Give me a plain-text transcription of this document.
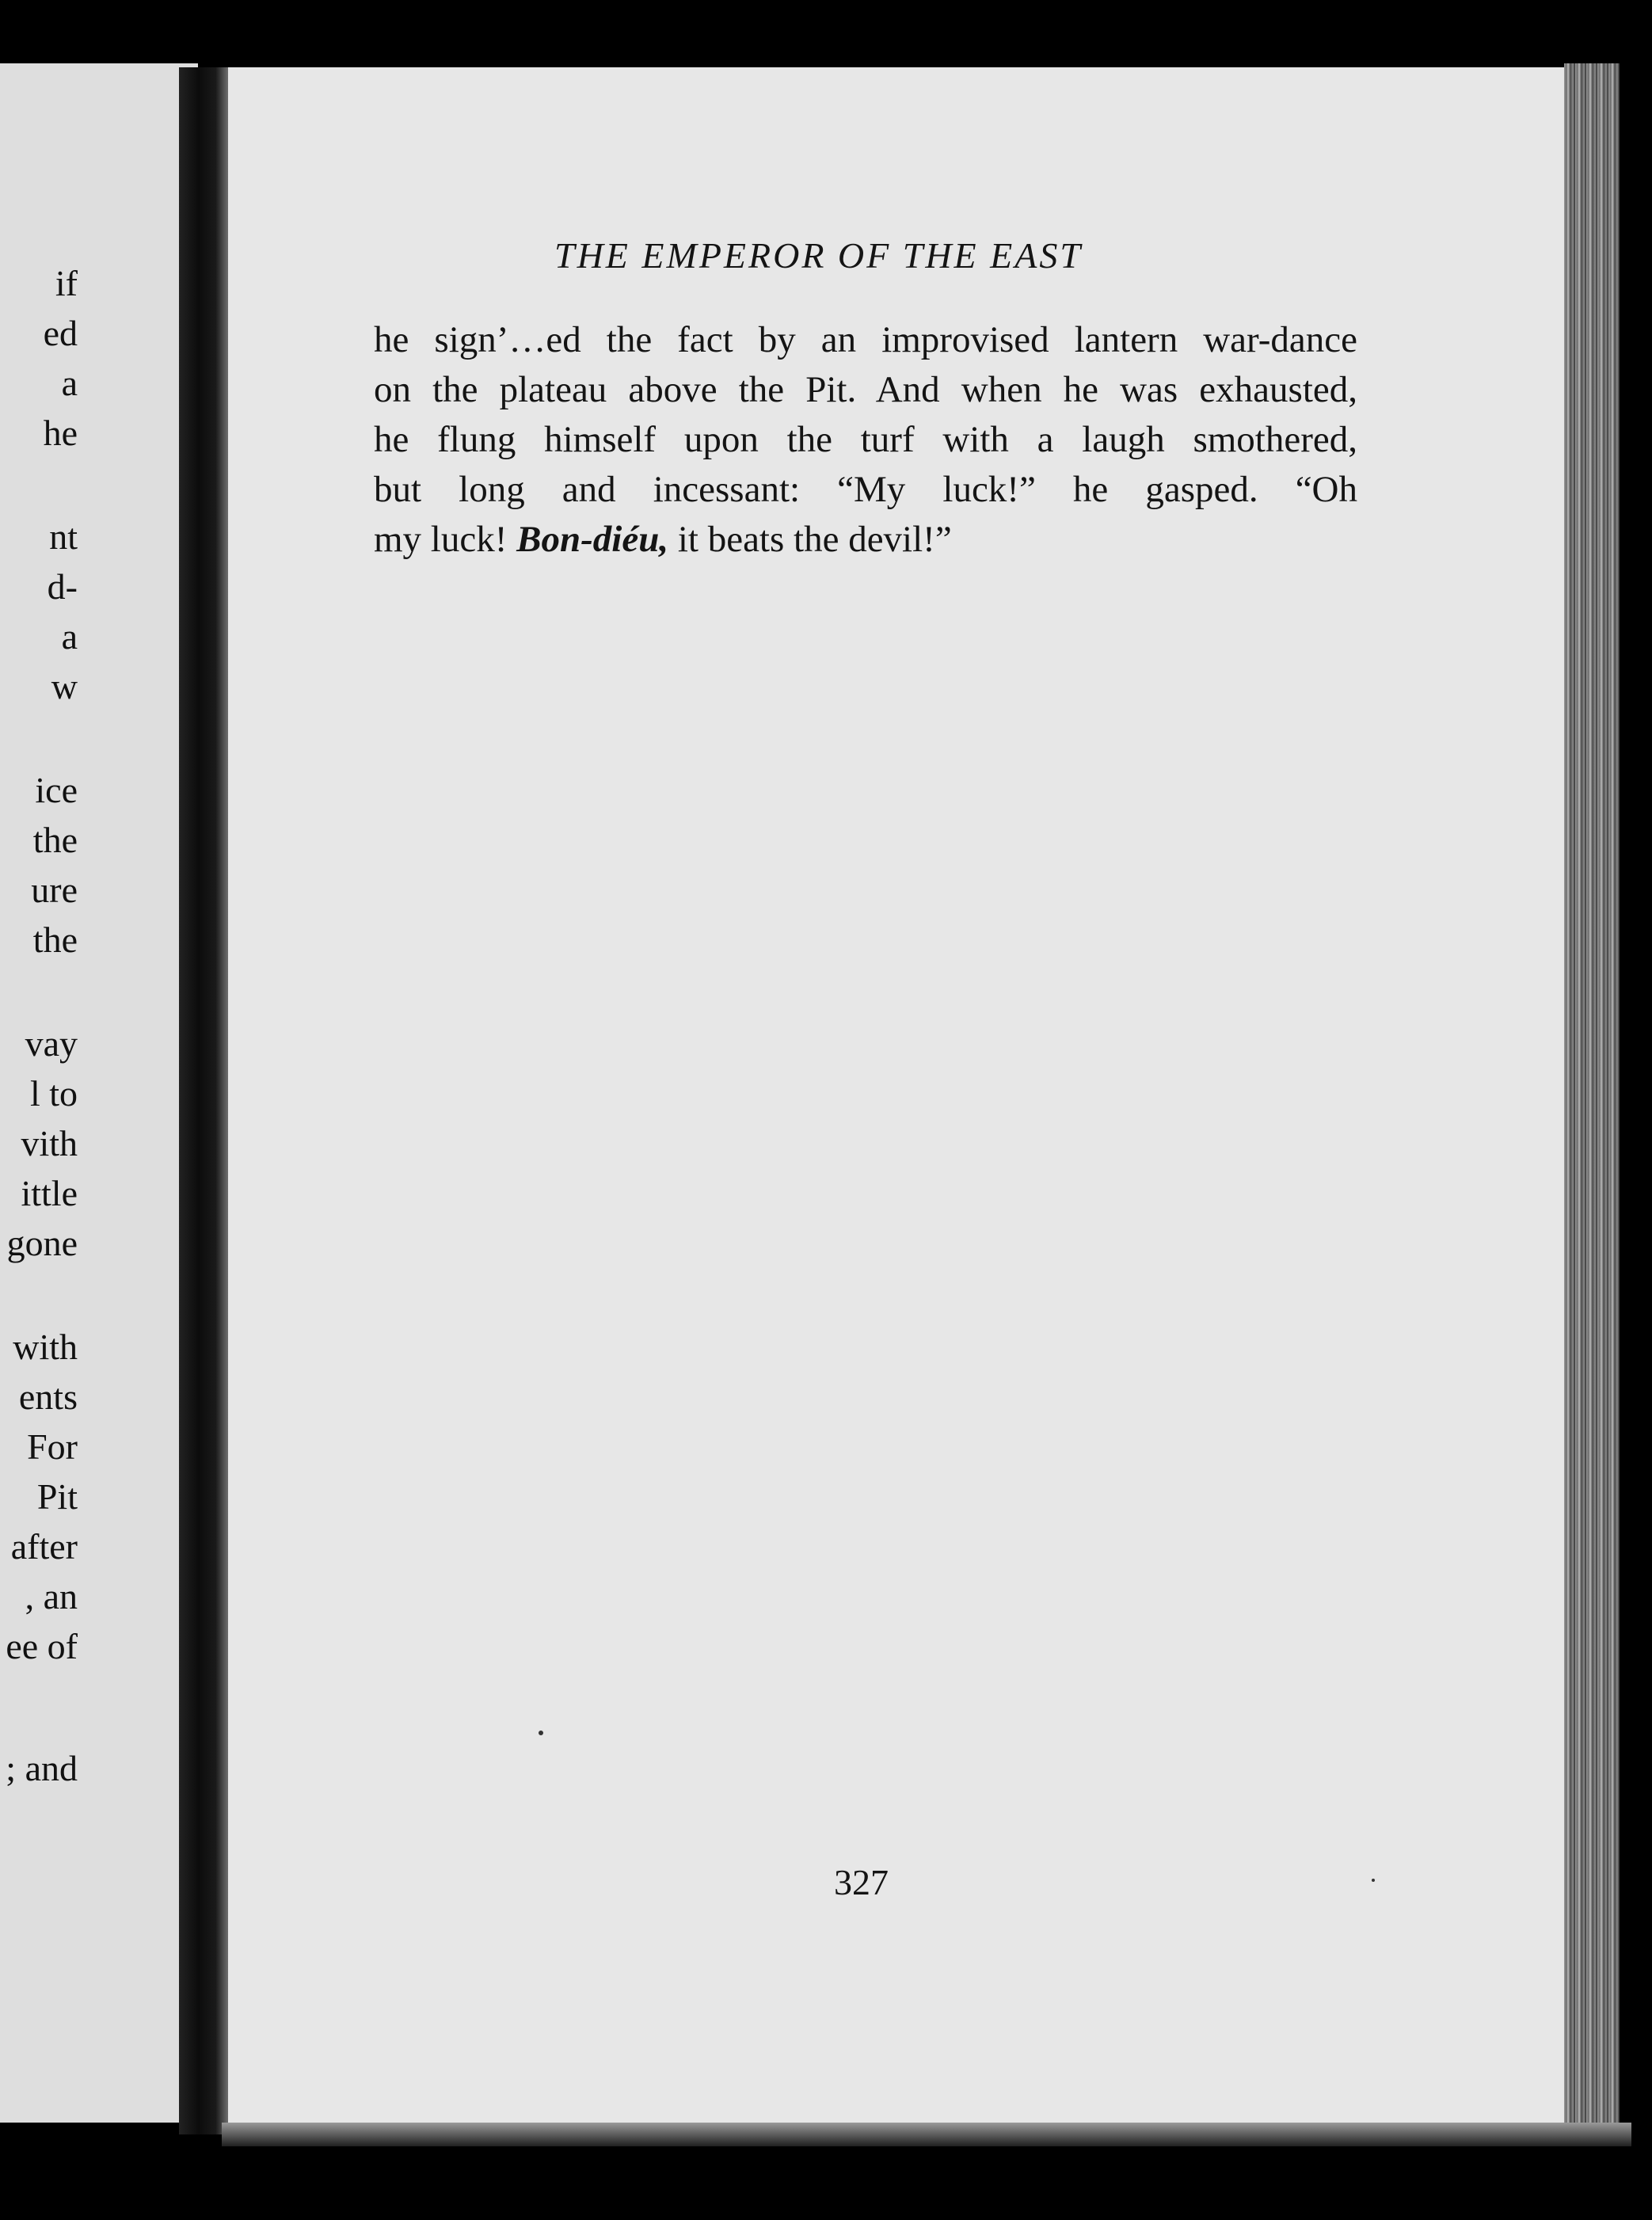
if
ed
a
he
nt
d-
a
w
ice
the
ure
the
vay
l to
vith
ittle
gone
with
ents
For
Pit
after
, an
ee of
; and
THE EMPEROR OF THE EAST
he sign’…ed the fact by an improvised lantern war-dance
on the plateau above the Pit. And when he was exhausted,
he flung himself upon the turf with a laugh smothered,
but long and incessant: “My luck!” he gasped. “Oh
my luck! Bon-diéu, it beats the devil!”
327
